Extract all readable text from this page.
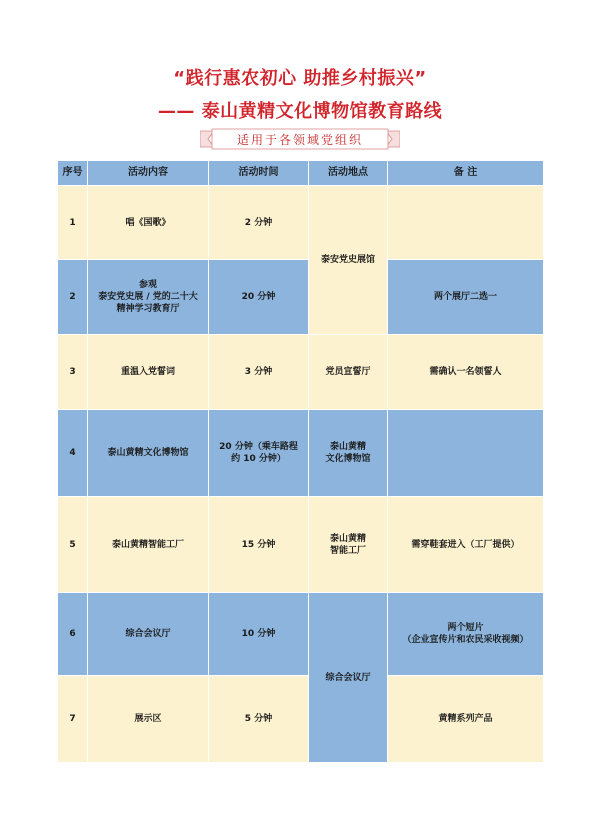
“践行惠农初心 助推乡村振兴”
—— 泰山黄精文化博物馆教育路线
适用于各领域党组织
序号	活动内容	活动时间	活动地点	备 注
1	唱《国歌》	2 分钟	泰安党史展馆	
2	参观
泰安党史展 / 党的二十大
精神学习教育厅	20 分钟		两个展厅二选一
3	重温入党誓词	3 分钟	党员宣誓厅	需确认一名领誓人
4	泰山黄精文化博物馆	20 分钟（乘车路程
约 10 分钟）	泰山黄精
文化博物馆	

5	泰山黄精智能工厂	15 分钟	泰山黄精
智能工厂	需穿鞋套进入（工厂提供）
6	综合会议厅	10 分钟	综合会议厅	两个短片
（企业宣传片和农民采收视频）

7	展示区	5 分钟		黄精系列产品
